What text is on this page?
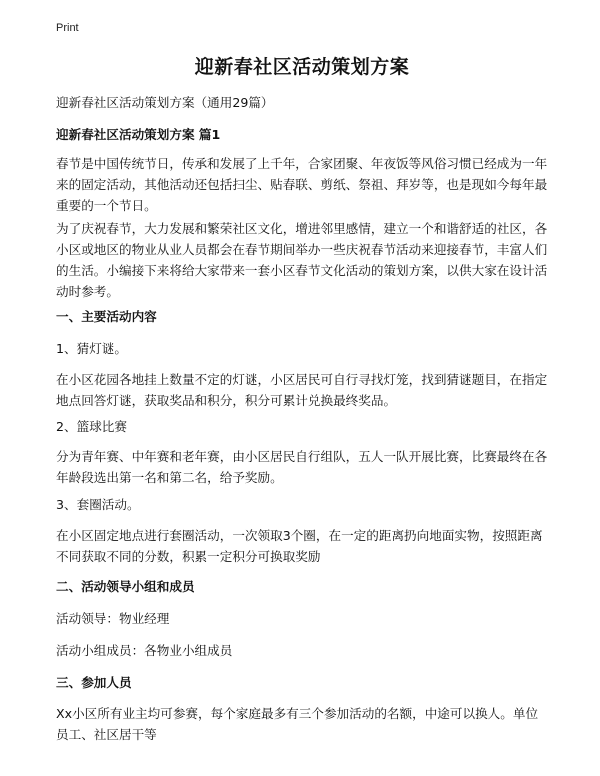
Print
迎新春社区活动策划方案

迎新春社区活动策划方案（通用29篇）

迎新春社区活动策划方案 篇1

春节是中国传统节日，传承和发展了上千年，合家团聚、年夜饭等风俗习惯已经成为一年来的固定活动，其他活动还包括扫尘、贴春联、剪纸、祭祖、拜岁等，也是现如今每年最重要的一个节日。

为了庆祝春节，大力发展和繁荣社区文化，增进邻里感情，建立一个和谐舒适的社区，各小区或地区的物业从业人员都会在春节期间举办一些庆祝春节活动来迎接春节，丰富人们的生活。小编接下来将给大家带来一套小区春节文化活动的策划方案，以供大家在设计活动时参考。

一、主要活动内容

1、猜灯谜。

在小区花园各地挂上数量不定的灯谜，小区居民可自行寻找灯笼，找到猜谜题目，在指定地点回答灯谜，获取奖品和积分，积分可累计兑换最终奖品。

2、篮球比赛

分为青年赛、中年赛和老年赛，由小区居民自行组队，五人一队开展比赛，比赛最终在各年龄段选出第一名和第二名，给予奖励。

3、套圈活动。

在小区固定地点进行套圈活动，一次领取3个圈，在一定的距离扔向地面实物，按照距离不同获取不同的分数，积累一定积分可换取奖励

二、活动领导小组和成员

活动领导：物业经理

活动小组成员：各物业小组成员

三、参加人员

Xx小区所有业主均可参赛，每个家庭最多有三个参加活动的名额，中途可以换人。单位员工、社区居干等
